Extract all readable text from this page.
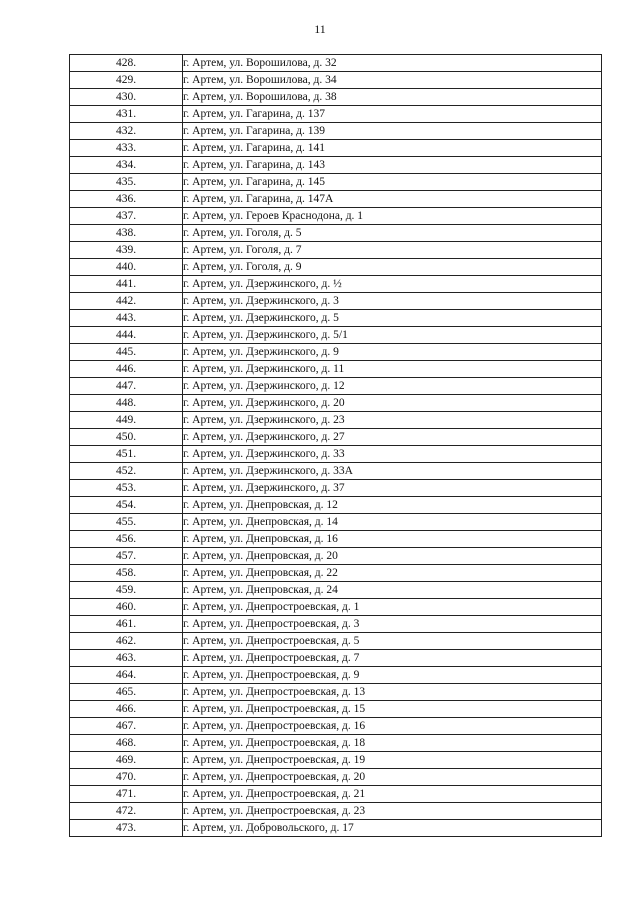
11
428.	г. Артем, ул. Ворошилова, д. 32
429.	г. Артем, ул. Ворошилова, д. 34
430.	г. Артем, ул. Ворошилова, д. 38
431.	г. Артем, ул. Гагарина, д. 137
432.	г. Артем, ул. Гагарина, д. 139
433.	г. Артем, ул. Гагарина, д. 141
434.	г. Артем, ул. Гагарина, д. 143
435.	г. Артем, ул. Гагарина, д. 145
436.	г. Артем, ул. Гагарина, д. 147А
437.	г. Артем, ул. Героев Краснодона, д. 1
438.	г. Артем, ул. Гоголя, д. 5
439.	г. Артем, ул. Гоголя, д. 7
440.	г. Артем, ул. Гоголя, д. 9
441.	г. Артем, ул. Дзержинского, д. ½
442.	г. Артем, ул. Дзержинского, д. 3
443.	г. Артем, ул. Дзержинского, д. 5
444.	г. Артем, ул. Дзержинского, д. 5/1
445.	г. Артем, ул. Дзержинского, д. 9
446.	г. Артем, ул. Дзержинского, д. 11
447.	г. Артем, ул. Дзержинского, д. 12
448.	г. Артем, ул. Дзержинского, д. 20
449.	г. Артем, ул. Дзержинского, д. 23
450.	г. Артем, ул. Дзержинского, д. 27
451.	г. Артем, ул. Дзержинского, д. 33
452.	г. Артем, ул. Дзержинского, д. 33А
453.	г. Артем, ул. Дзержинского, д. 37
454.	г. Артем, ул. Днепровская, д. 12
455.	г. Артем, ул. Днепровская, д. 14
456.	г. Артем, ул. Днепровская, д. 16
457.	г. Артем, ул. Днепровская, д. 20
458.	г. Артем, ул. Днепровская, д. 22
459.	г. Артем, ул. Днепровская, д. 24
460.	г. Артем, ул. Днепростроевская, д. 1
461.	г. Артем, ул. Днепростроевская, д. 3
462.	г. Артем, ул. Днепростроевская, д. 5
463.	г. Артем, ул. Днепростроевская, д. 7
464.	г. Артем, ул. Днепростроевская, д. 9
465.	г. Артем, ул. Днепростроевская, д. 13
466.	г. Артем, ул. Днепростроевская, д. 15
467.	г. Артем, ул. Днепростроевская, д. 16
468.	г. Артем, ул. Днепростроевская, д. 18
469.	г. Артем, ул. Днепростроевская, д. 19
470.	г. Артем, ул. Днепростроевская, д. 20
471.	г. Артем, ул. Днепростроевская, д. 21
472.	г. Артем, ул. Днепростроевская, д. 23
473.	г. Артем, ул. Добровольского, д. 17
